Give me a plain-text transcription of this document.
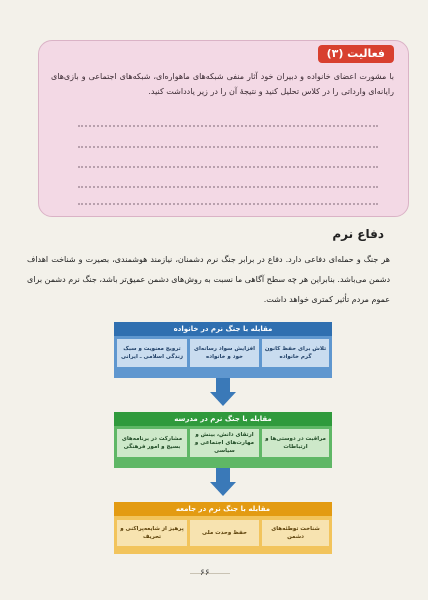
فعالیت (۳)
با مشورت اعضای خانواده و دبیران خود آثار منفی شبکه‌های ماهواره‌ای، شبکه‌های اجتماعی و بازی‌های رایانه‌ای وارداتی را در کلاس تحلیل کنید و نتیجهٔ آن را در زیر یادداشت کنید.
دفاع نرم
هر جنگ و حمله‌ای دفاعی دارد. دفاع در برابر جنگ نرم دشمنان، نیازمند هوشمندی، بصیرت و شناخت اهداف دشمن می‌باشد. بنابراین هر چه سطح آگاهی ما نسبت به روش‌های دشمن عمیق‌تر باشد، جنگ نرم دشمن برای عموم مردم تأثیر کمتری خواهد داشت.
مقابله با جنگ نرم در خانواده
تلاش برای حفظ کانون گرم خانواده
افزایش سواد رسانه‌ای خود و خانواده
ترویج معنویت و سبک زندگی اسلامی ـ ایرانی
مقابله با جنگ نرم در مدرسه
مراقبت در دوستی‌ها و ارتباطات
ارتقای دانش، بینش و مهارت‌های اجتماعی و سیاسی
مشارکت در برنامه‌های بسیج و امور فرهنگی
مقابله با جنگ نرم در جامعه
شناخت توطئه‌های دشمن
حفظ وحدت ملی
پرهیز از شایعه‌پراکنی و تحریف
۶۶
